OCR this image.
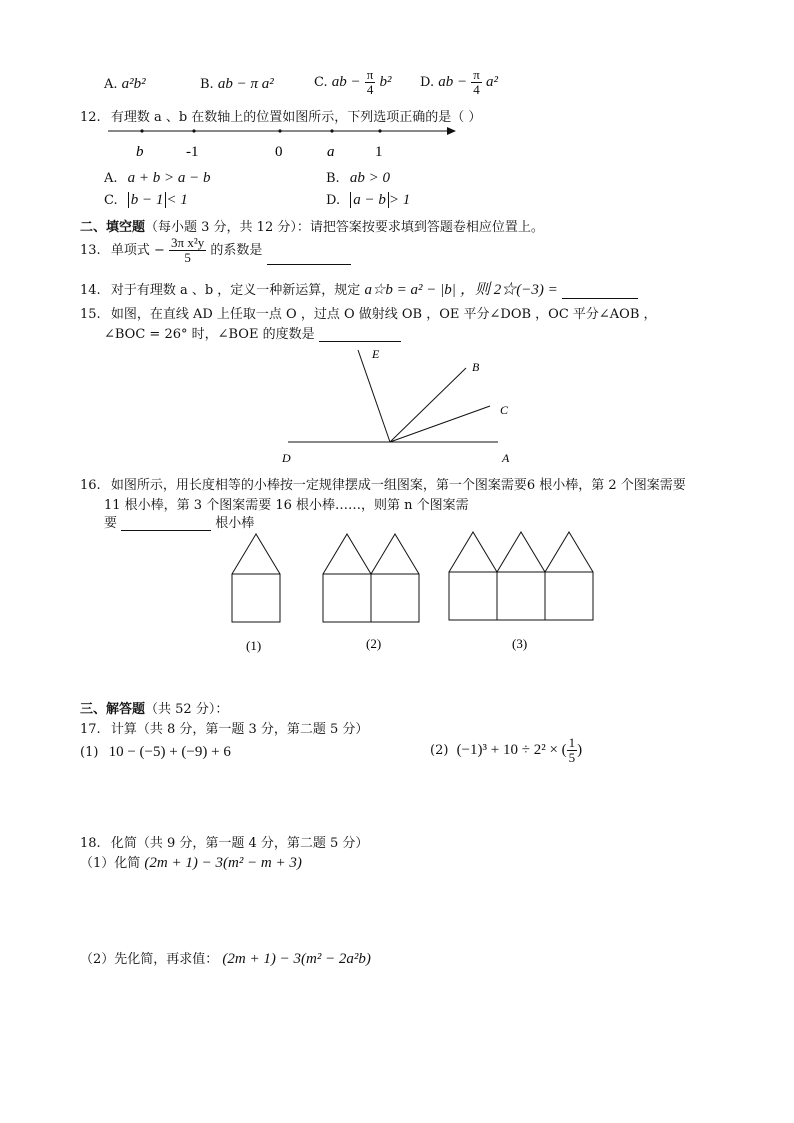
A. a²b²	B. ab − π a²	C. ab − $\frac{\pi}{4} b^2$ D. ab − $\frac{\pi}{4} a^2$
12. 有理数 a 、b 在数轴上的位置如图所示，下列选项正确的是（ ）
b	-1	0	a	1
A. a + b > a − b	B. ab > 0
C. b − 1 < 1	D. a − b > 1
二、填空题（每小题 3 分，共 12 分）：请把答案按要求填到答题卷相应位置上。
13. 单项式 − $\frac{\text{3π x²y}}{5}$ 的系数是
14. 对于有理数 a 、b ，定义一种新运算，规定 a☆b = a² − |b| ，则 2☆(−3) =
15. 如图，在直线 AD 上任取一点 O ，过点 O 做射线 OB ，OE 平分∠DOB ，OC 平分∠AOB ，
∠BOC = 26° 时，∠BOE 的度数是
E
B
C
D	A
16. 如图所示，用长度相等的小棒按一定规律摆成一组图案，第一个图案需要6 根小棒，第 2 个图案需要
11 根小棒，第 3 个图案需要 16 根小棒……，则第 n 个图案需
要	根小棒
(1)	(2)	(3)
三、解答题（共 52 分）：
17. 计算（共 8 分，第一题 3 分，第二题 5 分）
(1) 10 − (−5) + (−9) + 6	(2) (−1)³ + 10 ÷ 2² × ( $\frac{1}{5}$ )
18. 化简（共 9 分，第一题 4 分，第二题 5 分）
（1）化简 (2m + 1) − 3(m² − m + 3)
（2）先化简，再求值： (2m + 1) − 3(m² − 2a²b)
